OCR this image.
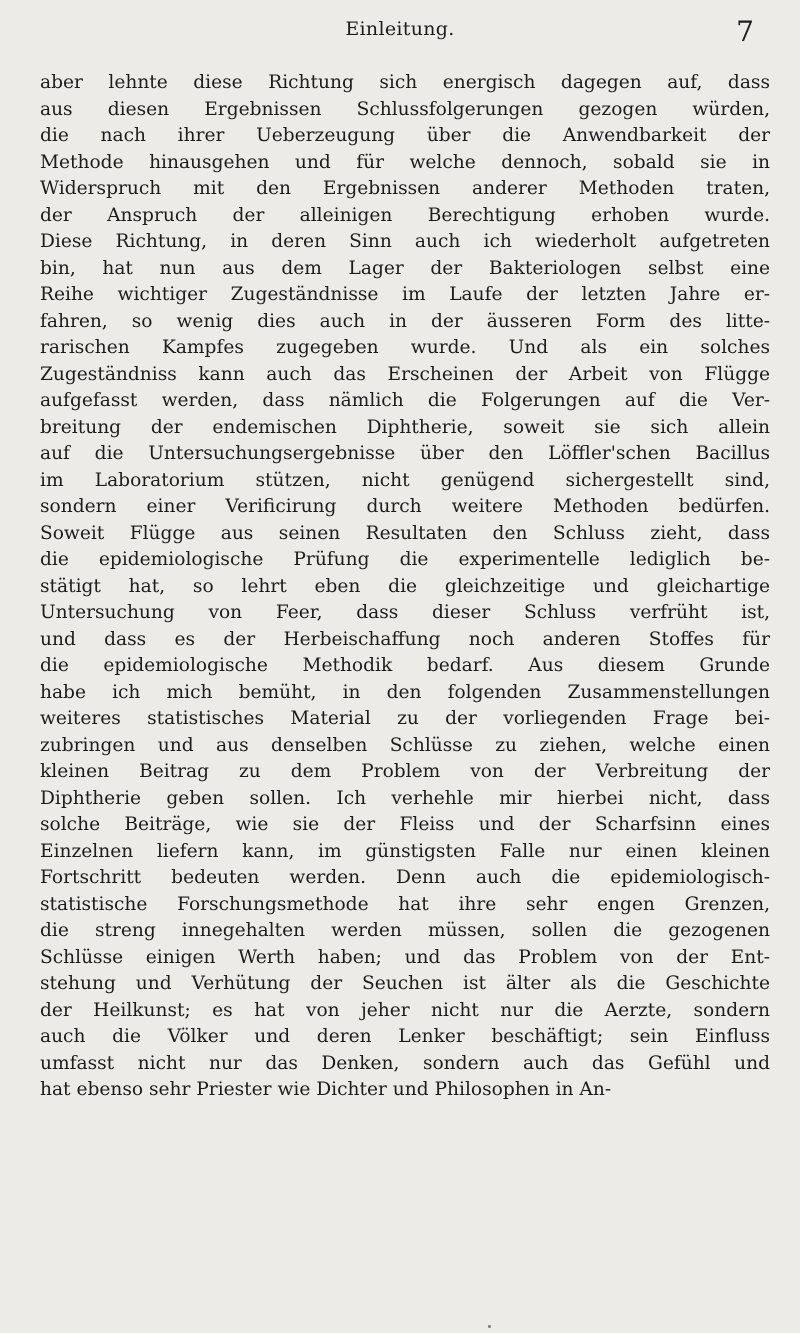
Einleitung.	7
aber lehnte diese Richtung sich energisch dagegen auf, dass
aus diesen Ergebnissen Schlussfolgerungen gezogen würden,
die nach ihrer Ueberzeugung über die Anwendbarkeit der
Methode hinausgehen und für welche dennoch, sobald sie in
Widerspruch mit den Ergebnissen anderer Methoden traten,
der Anspruch der alleinigen Berechtigung erhoben wurde.
Diese Richtung, in deren Sinn auch ich wiederholt aufgetreten
bin, hat nun aus dem Lager der Bakteriologen selbst eine
Reihe wichtiger Zugeständnisse im Laufe der letzten Jahre er-
fahren, so wenig dies auch in der äusseren Form des litte-
rarischen Kampfes zugegeben wurde. Und als ein solches
Zugeständniss kann auch das Erscheinen der Arbeit von Flügge
aufgefasst werden, dass nämlich die Folgerungen auf die Ver-
breitung der endemischen Diphtherie, soweit sie sich allein
auf die Untersuchungsergebnisse über den Löffler'schen Bacillus
im Laboratorium stützen, nicht genügend sichergestellt sind,
sondern einer Verificirung durch weitere Methoden bedürfen.
Soweit Flügge aus seinen Resultaten den Schluss zieht, dass
die epidemiologische Prüfung die experimentelle lediglich be-
stätigt hat, so lehrt eben die gleichzeitige und gleichartige
Untersuchung von Feer, dass dieser Schluss verfrüht ist,
und dass es der Herbeischaffung noch anderen Stoffes für
die epidemiologische Methodik bedarf. Aus diesem Grunde
habe ich mich bemüht, in den folgenden Zusammenstellungen
weiteres statistisches Material zu der vorliegenden Frage bei-
zubringen und aus denselben Schlüsse zu ziehen, welche einen
kleinen Beitrag zu dem Problem von der Verbreitung der
Diphtherie geben sollen. Ich verhehle mir hierbei nicht, dass
solche Beiträge, wie sie der Fleiss und der Scharfsinn eines
Einzelnen liefern kann, im günstigsten Falle nur einen kleinen
Fortschritt bedeuten werden. Denn auch die epidemiologisch-
statistische Forschungsmethode hat ihre sehr engen Grenzen,
die streng innegehalten werden müssen, sollen die gezogenen
Schlüsse einigen Werth haben; und das Problem von der Ent-
stehung und Verhütung der Seuchen ist älter als die Geschichte
der Heilkunst; es hat von jeher nicht nur die Aerzte, sondern
auch die Völker und deren Lenker beschäftigt; sein Einfluss
umfasst nicht nur das Denken, sondern auch das Gefühl und
hat ebenso sehr Priester wie Dichter und Philosophen in An-
